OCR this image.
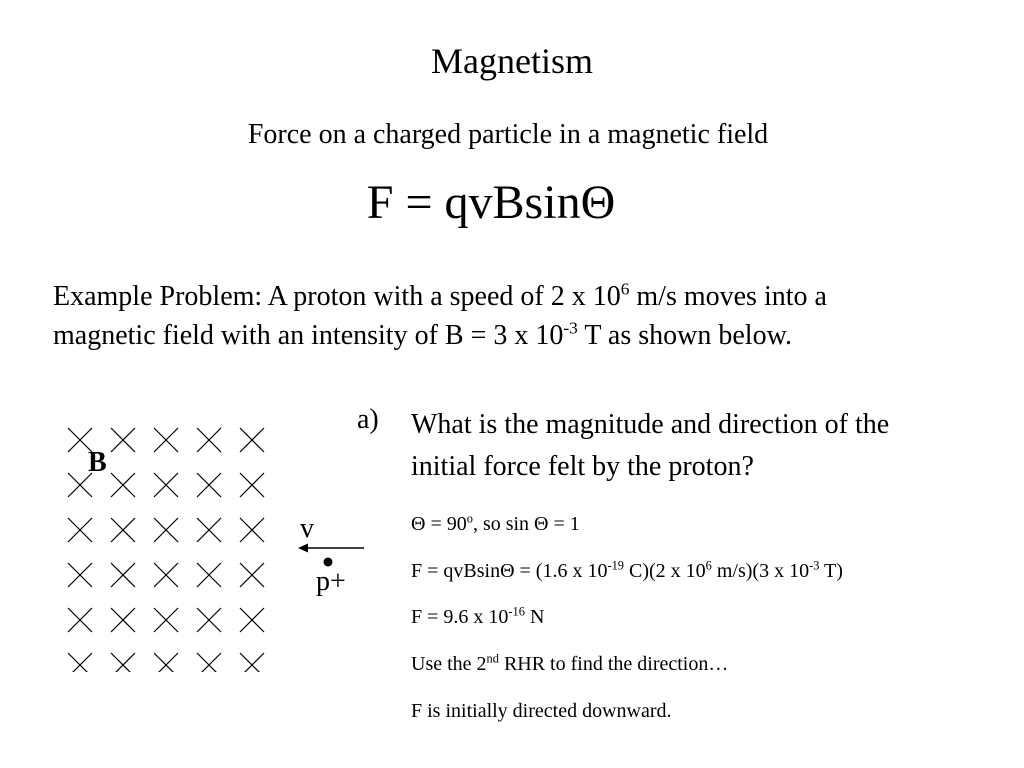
Magnetism
Force on a charged particle in a magnetic field
F = qvBsinΘ
Example Problem: A proton with a speed of 2 x $10^6$ m/s moves into a
magnetic field with an intensity of B = 3 x $10^{-3}$ T as shown below.
B
v
p+
a) What is the magnitude and direction of the
initial force felt by the proton?
$\Theta = 90^o$, so sin Θ = 1
F = qvBsinΘ = (1.6 x $10^{-19}$ C)(2 x $10^6$ m/s)(3 x $10^{-3}$ T)
F = 9.6 x $10^{-16}$ N
Use the 2nd RHR to find the direction…
F is initially directed downward.
